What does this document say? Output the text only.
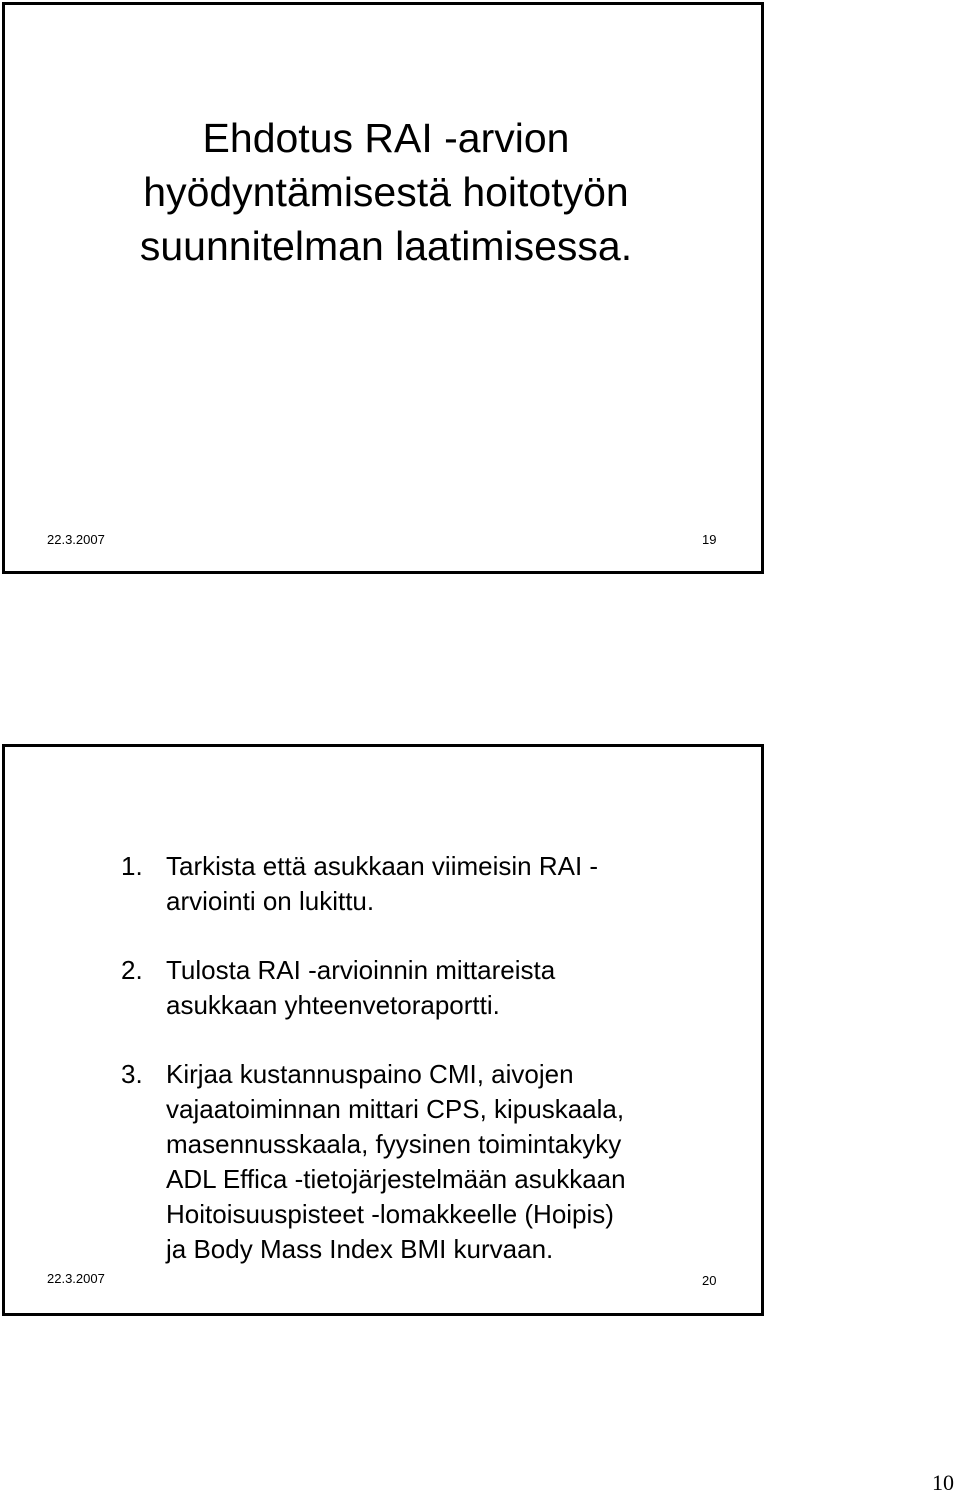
Ehdotus RAI -arvion
hyödyntämisestä hoitotyön
suunnitelman laatimisessa.
22.3.2007	19
1. Tarkista että asukkaan viimeisin RAI -
arviointi on lukittu.
2. Tulosta RAI -arvioinnin mittareista
asukkaan yhteenvetoraportti.
3. Kirjaa kustannuspaino CMI, aivojen
vajaatoiminnan mittari CPS, kipuskaala,
masennusskaala, fyysinen toimintakyky
ADL Effica -tietojärjestelmään asukkaan
Hoitoisuuspisteet -lomakkeelle (Hoipis)
ja Body Mass Index BMI kurvaan.
22.3.2007	20
10
